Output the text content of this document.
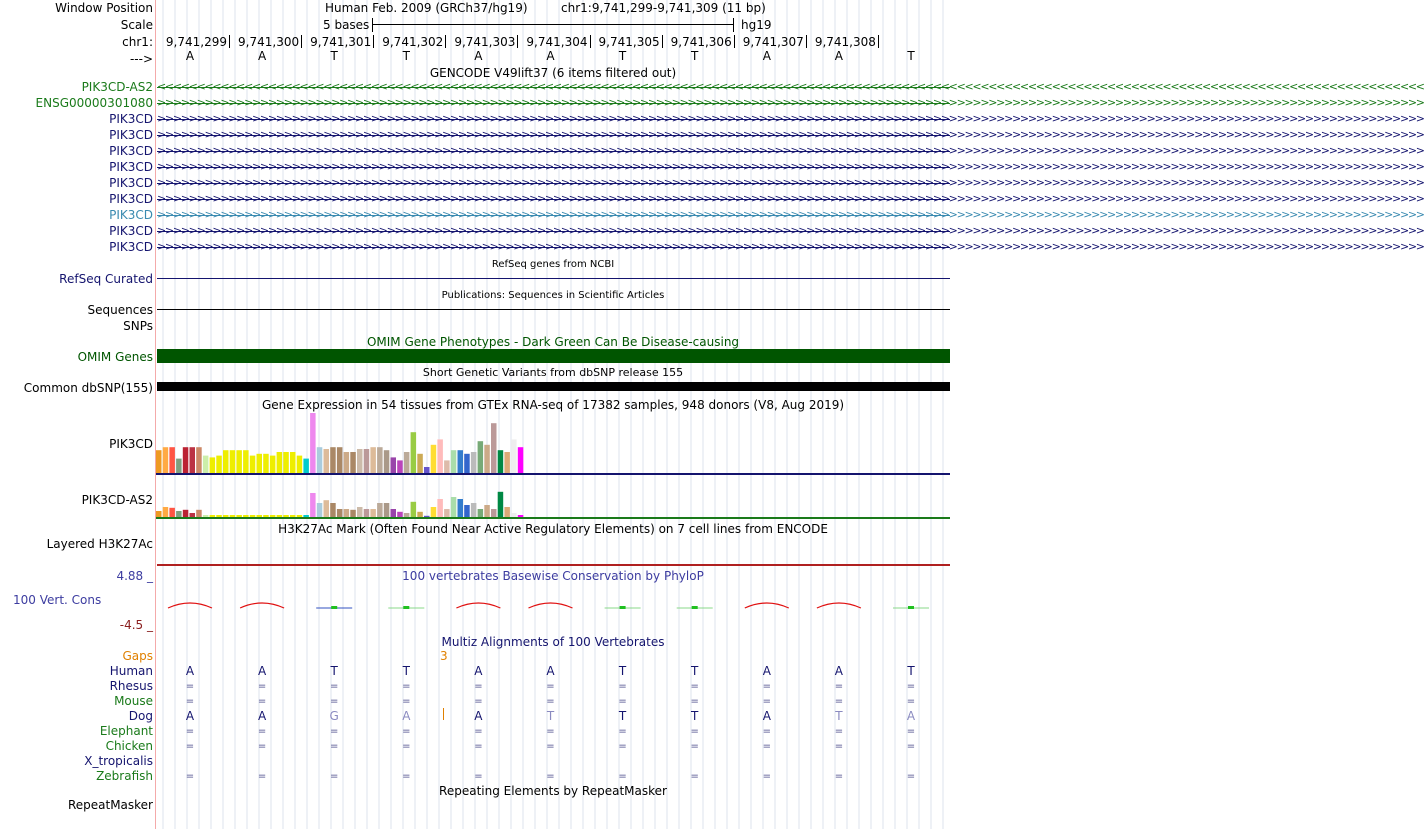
Window Position
Scale
chr1:
--->
Human Feb. 2009 (GRCh37/hg19)	chr1:9,741,299-9,741,309 (11 bp)
5 bases	hg19
9,741,299 9,741,300 9,741,301 9,741,302 9,741,303 9,741,304 9,741,305 9,741,306 9,741,307 9,741,308
A	A	T	T	A	A	T	T	A	A	T
GENCODE V49lift37 (6 items filtered out)
PIK3CD-AS2 <<<<<<<<<<<<<<<<<<<<<<<<<<<<<<<<<<<<<<<<<<<<<<<<<<<<<<<<<<<<<<<<<<<<<<<<<<<<<<<<<<<<<<<<<<<<<<<<<<<<<<<<<<<<<<<<<<<<<<<<<<<<<<<<<<<<<<<<<<<<<<<<<<<<<<<<<<<<<<<<
ENSG00000301080 >>>>>>>>>>>>>>>>>>>>>>>>>>>>>>>>>>>>>>>>>>>>>>>>>>>>>>>>>>>>>>>>>>>>>>>>>>>>>>>>>>>>>>>>>>>>>>>>>>>>>>>>>>>>>>>>>>>>>>>>>>>>>>>>>>>>>>>>>>>>>>>>>>>>>>>>>>>>>>>>
PIK3CD >>>>>>>>>>>>>>>>>>>>>>>>>>>>>>>>>>>>>>>>>>>>>>>>>>>>>>>>>>>>>>>>>>>>>>>>>>>>>>>>>>>>>>>>>>>>>>>>>>>>>>>>>>>>>>>>>>>>>>>>>>>>>>>>>>>>>>>>>>>>>>>>>>>>>>>>>>>>>>>>
PIK3CD >>>>>>>>>>>>>>>>>>>>>>>>>>>>>>>>>>>>>>>>>>>>>>>>>>>>>>>>>>>>>>>>>>>>>>>>>>>>>>>>>>>>>>>>>>>>>>>>>>>>>>>>>>>>>>>>>>>>>>>>>>>>>>>>>>>>>>>>>>>>>>>>>>>>>>>>>>>>>>>>
PIK3CD >>>>>>>>>>>>>>>>>>>>>>>>>>>>>>>>>>>>>>>>>>>>>>>>>>>>>>>>>>>>>>>>>>>>>>>>>>>>>>>>>>>>>>>>>>>>>>>>>>>>>>>>>>>>>>>>>>>>>>>>>>>>>>>>>>>>>>>>>>>>>>>>>>>>>>>>>>>>>>>>
PIK3CD >>>>>>>>>>>>>>>>>>>>>>>>>>>>>>>>>>>>>>>>>>>>>>>>>>>>>>>>>>>>>>>>>>>>>>>>>>>>>>>>>>>>>>>>>>>>>>>>>>>>>>>>>>>>>>>>>>>>>>>>>>>>>>>>>>>>>>>>>>>>>>>>>>>>>>>>>>>>>>>>
PIK3CD >>>>>>>>>>>>>>>>>>>>>>>>>>>>>>>>>>>>>>>>>>>>>>>>>>>>>>>>>>>>>>>>>>>>>>>>>>>>>>>>>>>>>>>>>>>>>>>>>>>>>>>>>>>>>>>>>>>>>>>>>>>>>>>>>>>>>>>>>>>>>>>>>>>>>>>>>>>>>>>>
PIK3CD >>>>>>>>>>>>>>>>>>>>>>>>>>>>>>>>>>>>>>>>>>>>>>>>>>>>>>>>>>>>>>>>>>>>>>>>>>>>>>>>>>>>>>>>>>>>>>>>>>>>>>>>>>>>>>>>>>>>>>>>>>>>>>>>>>>>>>>>>>>>>>>>>>>>>>>>>>>>>>>>
PIK3CD >>>>>>>>>>>>>>>>>>>>>>>>>>>>>>>>>>>>>>>>>>>>>>>>>>>>>>>>>>>>>>>>>>>>>>>>>>>>>>>>>>>>>>>>>>>>>>>>>>>>>>>>>>>>>>>>>>>>>>>>>>>>>>>>>>>>>>>>>>>>>>>>>>>>>>>>>>>>>>>>
PIK3CD >>>>>>>>>>>>>>>>>>>>>>>>>>>>>>>>>>>>>>>>>>>>>>>>>>>>>>>>>>>>>>>>>>>>>>>>>>>>>>>>>>>>>>>>>>>>>>>>>>>>>>>>>>>>>>>>>>>>>>>>>>>>>>>>>>>>>>>>>>>>>>>>>>>>>>>>>>>>>>>>
PIK3CD >>>>>>>>>>>>>>>>>>>>>>>>>>>>>>>>>>>>>>>>>>>>>>>>>>>>>>>>>>>>>>>>>>>>>>>>>>>>>>>>>>>>>>>>>>>>>>>>>>>>>>>>>>>>>>>>>>>>>>>>>>>>>>>>>>>>>>>>>>>>>>>>>>>>>>>>>>>>>>>>
RefSeq genes from NCBI
RefSeq Curated
Publications: Sequences in Scientific Articles
Sequences
SNPs
OMIM Gene Phenotypes - Dark Green Can Be Disease-causing
OMIM Genes
Short Genetic Variants from dbSNP release 155
Common dbSNP(155)
Gene Expression in 54 tissues from GTEx RNA-seq of 17382 samples, 948 donors (V8, Aug 2019)
PIK3CD
PIK3CD-AS2
H3K27Ac Mark (Often Found Near Active Regulatory Elements) on 7 cell lines from ENCODE
Layered H3K27Ac
100 vertebrates Basewise Conservation by PhyloP
4.88 _
100 Vert. Cons
-4.5 _
Multiz Alignments of 100 Vertebrates
Gaps	3
Human	A	A	T	T	A	A	T	T	A	A	T
Rhesus	=	=	=	=	=	=	=	=	=	=	=
Mouse	=	=	=	=	=	=	=	=	=	=	=
Dog	A	A	G	A	A	T	T	T	A	T	A
Elephant	=	=	=	=	=	=	=	=	=	=	=
Chicken	=	=	=	=	=	=	=	=	=	=	=
X_tropicalis
Zebrafish	=	=	=	=	=	=	=	=	=	=	=
Repeating Elements by RepeatMasker
RepeatMasker
